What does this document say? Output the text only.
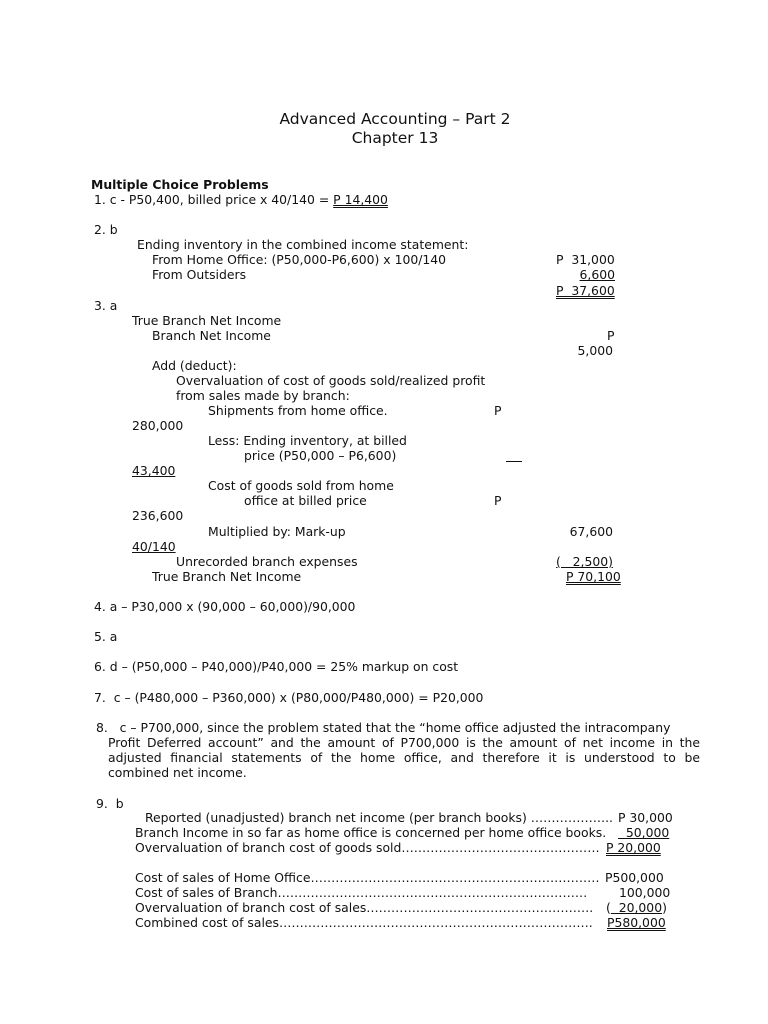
Advanced Accounting – Part 2
Chapter 13
Multiple Choice Problems
1. c - P50,400, billed price x 40/140 = P 14,400
2. b
Ending inventory in the combined income statement:
From Home Office: (P50,000-P6,600) x 100/140	P  31,000
From Outsiders	6,600
P  37,600
3. a
True Branch Net Income
Branch Net Income	P
5,000
Add (deduct):
Overvaluation of cost of goods sold/realized profit
from sales made by branch:
Shipments from home office.	P
280,000
Less: Ending inventory, at billed
price (P50,000 – P6,600)
43,400
Cost of goods sold from home
office at billed price	P
236,600
Multiplied by: Mark-up	67,600
40/140
Unrecorded branch expenses	(   2,500)
True Branch Net Income	P 70,100
4. a – P30,000 x (90,000 – 60,000)/90,000
5. a
6. d – (P50,000 – P40,000)/P40,000 = 25% markup on cost
7.  c – (P480,000 – P360,000) x (P80,000/P480,000) = P20,000
8.   c – P700,000, since the problem stated that the “home office adjusted the intracompany
Profit Deferred account” and the amount of P700,000 is the amount of net income in the adjusted financial statements of the home office, and therefore it is understood to be combined net income.
9.  b
Reported (unadjusted) branch net income (per branch books) ……………….. P 30,000
Branch Income in so far as home office is concerned per home office books. 50,000
Overvaluation of branch cost of goods sold………………………………………… P 20,000
Cost of sales of Home Office……………………………………………………………. P500,000
Cost of sales of Branch…………………………………………………………………	100,000
Overvaluation of branch cost of sales……………………………………………….	(  20,000)
Combined cost of sales………………………………………………………………….	P580,000
